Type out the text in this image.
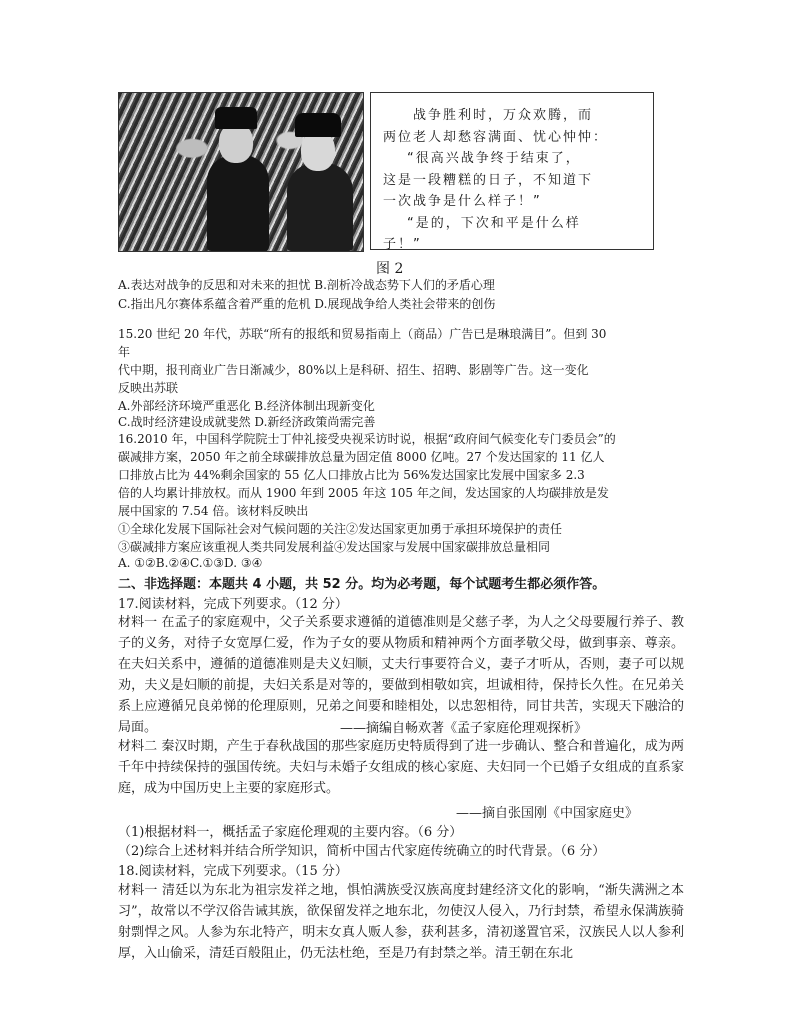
战争胜利时，万众欢腾，而

两位老人却愁容满面、忧心忡忡：

“很高兴战争终于结束了，

这是一段糟糕的日子，不知道下

一次战争是什么样子！”

“是的，下次和平是什么样

子！”

图 2
A.表达对战争的反思和对未来的担忧 B.剖析冷战态势下人们的矛盾心理
C.指出凡尔赛体系蕴含着严重的危机 D.展现战争给人类社会带来的创伤
15.20 世纪 20 年代，苏联“所有的报纸和贸易指南上（商品）广告已是琳琅满目”。但到 30
年
代中期，报刊商业广告日渐减少，80%以上是科研、招生、招聘、影剧等广告。这一变化
反映出苏联
A.外部经济环境严重恶化 B.经济体制出现新变化
C.战时经济建设成就斐然 D.新经济政策尚需完善
16.2010 年，中国科学院院士丁仲礼接受央视采访时说，根据“政府间气候变化专门委员会”的
碳减排方案，2050 年之前全球碳排放总量为固定值 8000 亿吨。27 个发达国家的 11 亿人
口排放占比为 44%剩余国家的 55 亿人口排放占比为 56%发达国家比发展中国家多 2.3
倍的人均累计排放权。而从 1900 年到 2005 年这 105 年之间，发达国家的人均碳排放是发
展中国家的 7.54 倍。该材料反映出
①全球化发展下国际社会对气候问题的关注②发达国家更加勇于承担环境保护的责任
③碳减排方案应该重视人类共同发展利益④发达国家与发展中国家碳排放总量相同
A. ①②B.②④C.①③D. ③④
二、非选择题：本题共 4 小题，共 52 分。均为必考题，每个试题考生都必须作答。
17.阅读材料，完成下列要求。（12 分）

材料一 在孟子的家庭观中，父子关系要求遵循的道德准则是父慈子孝，为人之父母要履行养子、教子的义务，对待子女宽厚仁爱，作为子女的要从物质和精神两个方面孝敬父母，做到事亲、尊亲。在夫妇关系中，遵循的道德准则是夫义妇顺，丈夫行事要符合义，妻子才听从，否则，妻子可以规劝，夫义是妇顺的前提，夫妇关系是对等的，要做到相敬如宾，坦诚相待，保持长久性。在兄弟关系上应遵循兄良弟悌的伦理原则，兄弟之间要和睦相处，以忠恕相待，同甘共苦，实现天下融洽的局面。	——摘编自畅欢著《孟子家庭伦理观探析》

材料二 秦汉时期，产生于春秋战国的那些家庭历史特质得到了进一步确认、整合和普遍化，成为两千年中持续保持的强国传统。夫妇与未婚子女组成的核心家庭、夫妇同一个已婚子女组成的直系家庭，成为中国历史上主要的家庭形式。

——摘自张国刚《中国家庭史》
（1)根据材料一，概括孟子家庭伦理观的主要内容。（6 分）
（2)综合上述材料并结合所学知识，简析中国古代家庭传统确立的时代背景。（6 分）
18.阅读材料，完成下列要求。（15 分）

材料一 清廷以为东北为祖宗发祥之地，惧怕满族受汉族高度封建经济文化的影响，“渐失满洲之本习”，故常以不学汉俗告诫其族，欲保留发祥之地东北，勿使汉人侵入，乃行封禁，希望永保满族骑射剽悍之风。人参为东北特产，明末女真人贩人参，获利甚多，清初遂置官采，汉族民人以人参利厚，入山偷采，清廷百般阻止，仍无法杜绝，至是乃有封禁之举。清王朝在东北
